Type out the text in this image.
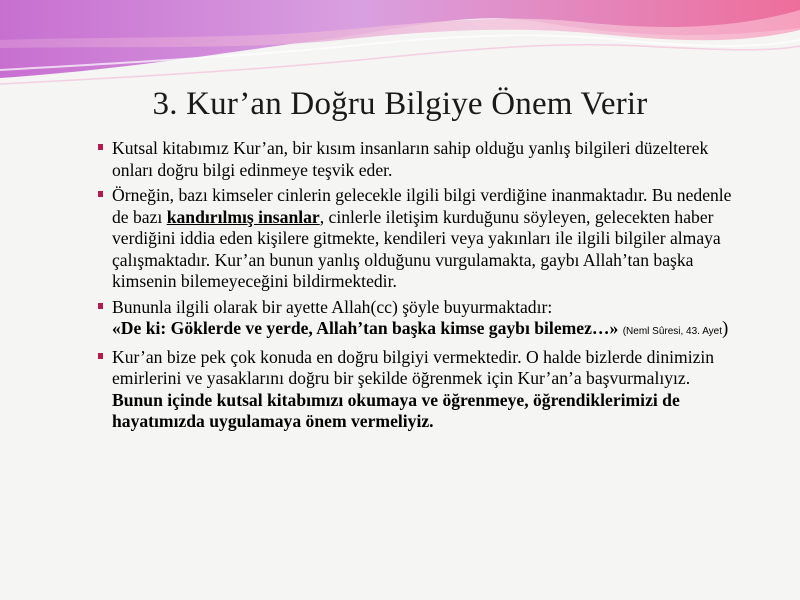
3. Kur’an Doğru Bilgiye Önem Verir
Kutsal kitabımız Kur’an, bir kısım insanların sahip olduğu yanlış bilgileri düzelterek onları doğru bilgi edinmeye teşvik eder.
Örneğin, bazı kimseler cinlerin gelecekle ilgili bilgi verdiğine inanmaktadır. Bu nedenle de bazı kandırılmış insanlar, cinlerle iletişim kurduğunu söyleyen, gelecekten haber verdiğini iddia eden kişilere gitmekte, kendileri veya yakınları ile ilgili bilgiler almaya çalışmaktadır. Kur’an bunun yanlış olduğunu vurgulamakta, gaybı Allah’tan başka kimsenin bilemeyeceğini bildirmektedir.
Bununla ilgili olarak bir ayette Allah(cc) şöyle buyurmaktadır:
«De ki: Göklerde ve yerde, Allah’tan başka kimse gaybı bilemez…» (Neml Sûresi, 43. Ayet)
Kur’an bize pek çok konuda en doğru bilgiyi vermektedir. O halde bizlerde dinimizin emirlerini ve yasaklarını doğru bir şekilde öğrenmek için Kur’an’a başvurmalıyız. Bunun içinde kutsal kitabımızı okumaya ve öğrenmeye, öğrendiklerimizi de hayatımızda uygulamaya önem vermeliyiz.
